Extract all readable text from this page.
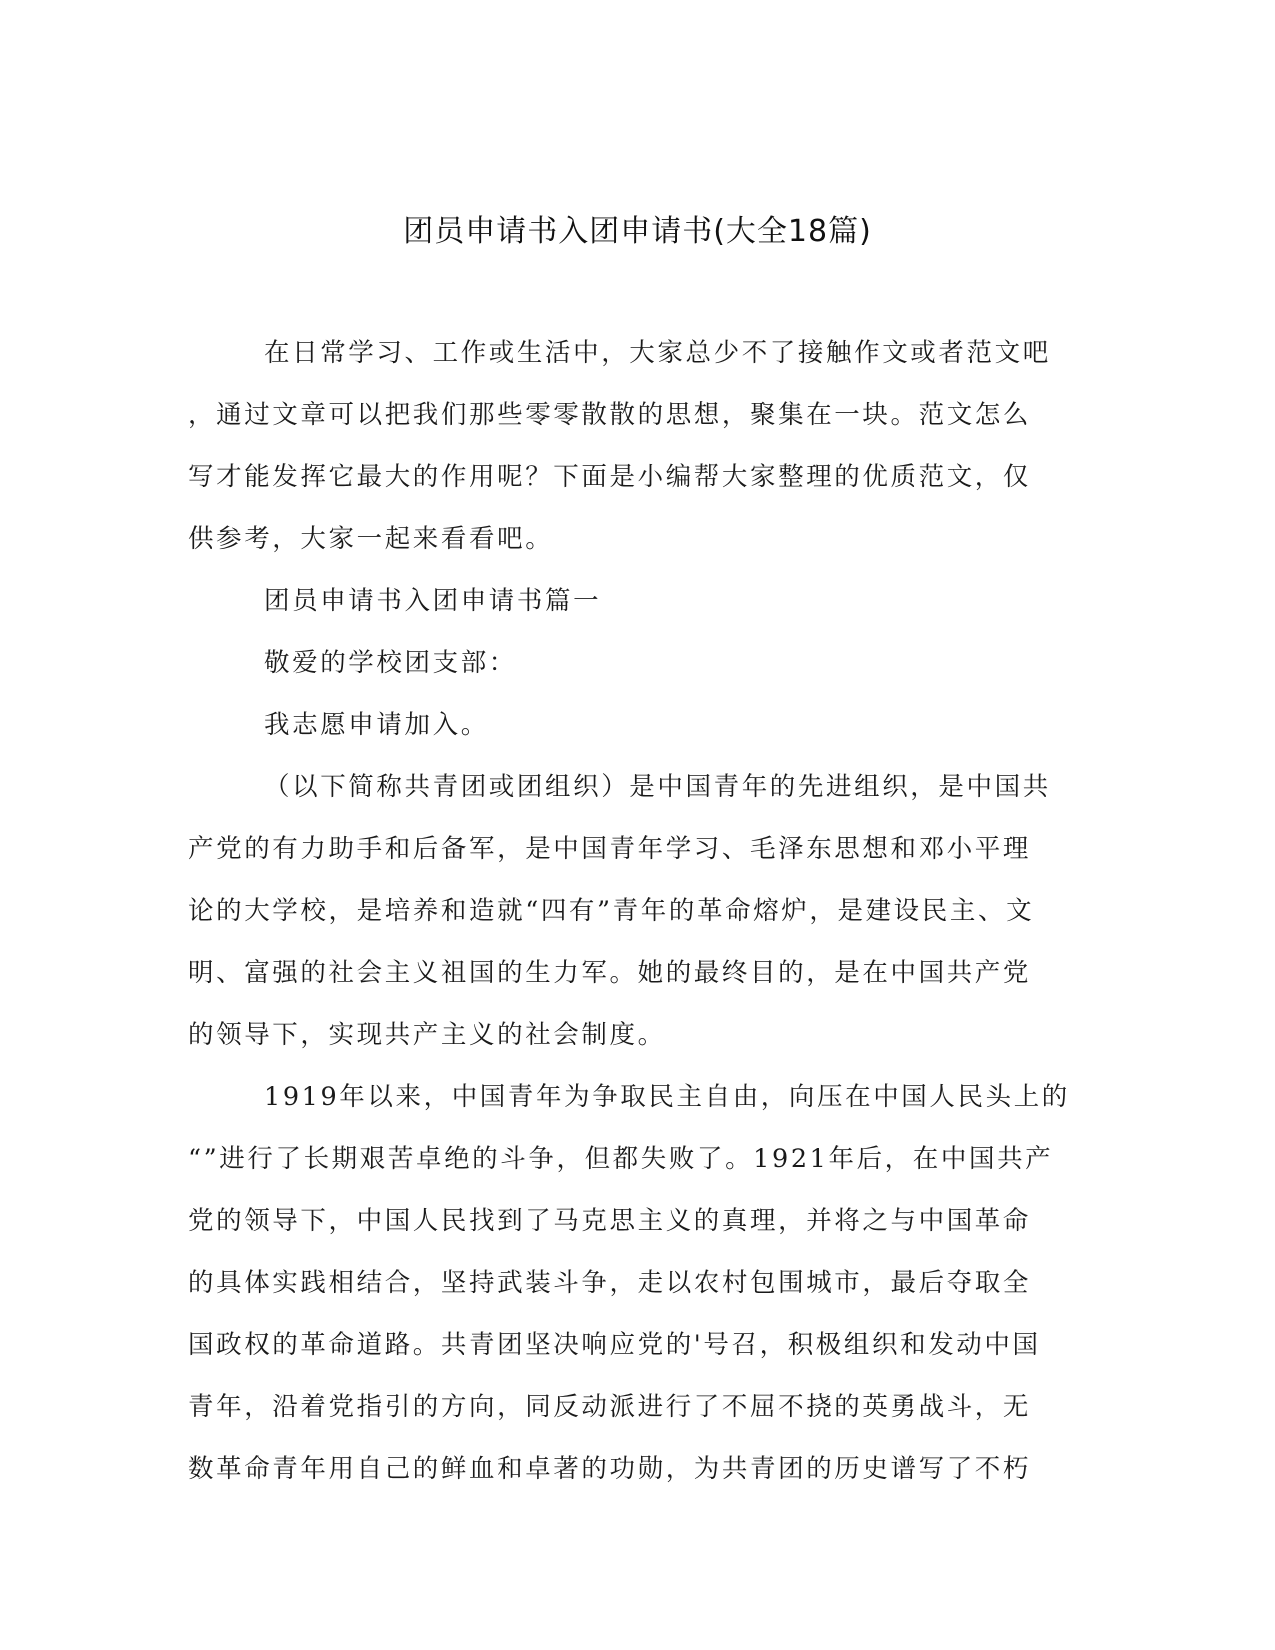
团员申请书入团申请书(大全18篇)
在日常学习、工作或生活中，大家总少不了接触作文或者范文吧
，通过文章可以把我们那些零零散散的思想，聚集在一块。范文怎么
写才能发挥它最大的作用呢？下面是小编帮大家整理的优质范文，仅
供参考，大家一起来看看吧。
团员申请书入团申请书篇一
敬爱的学校团支部：
我志愿申请加入。
（以下简称共青团或团组织）是中国青年的先进组织，是中国共
产党的有力助手和后备军，是中国青年学习、毛泽东思想和邓小平理
论的大学校，是培养和造就“四有”青年的革命熔炉，是建设民主、文
明、富强的社会主义祖国的生力军。她的最终目的，是在中国共产党
的领导下，实现共产主义的社会制度。
1919年以来，中国青年为争取民主自由，向压在中国人民头上的
“”进行了长期艰苦卓绝的斗争，但都失败了。1921年后，在中国共产
党的领导下，中国人民找到了马克思主义的真理，并将之与中国革命
的具体实践相结合，坚持武装斗争，走以农村包围城市，最后夺取全
国政权的革命道路。共青团坚决响应党的'号召，积极组织和发动中国
青年，沿着党指引的方向，同反动派进行了不屈不挠的英勇战斗，无
数革命青年用自己的鲜血和卓著的功勋，为共青团的历史谱写了不朽
